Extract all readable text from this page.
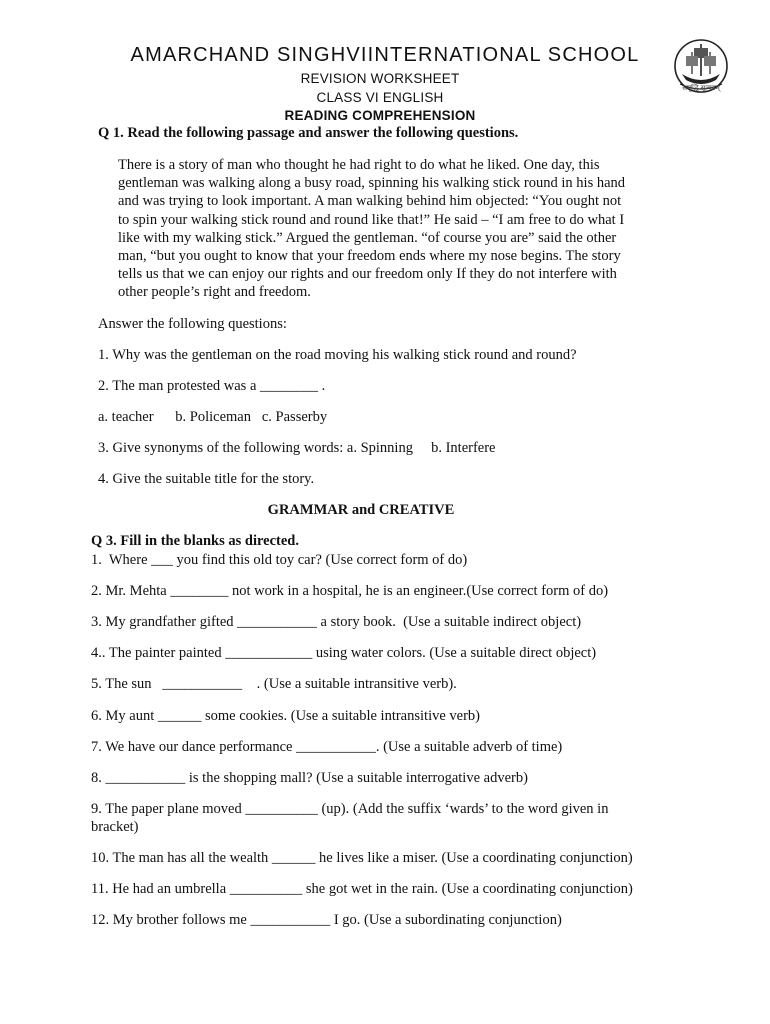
AMARCHAND SINGHVIINTERNATIONAL SCHOOL
REVISION WORKSHEET
CLASS VI ENGLISH
READING COMPREHENSION
समृद्धि सूत्र्यवम्
Q 1. Read the following passage and answer the following questions.
There is a story of man who thought he had right to do what he liked. One day, this
gentleman was walking along a busy road, spinning his walking stick round in his hand
and was trying to look important. A man walking behind him objected: “You ought not
to spin your walking stick round and round like that!” He said – “I am free to do what I
like with my walking stick.” Argued the gentleman. “of course you are” said the other
man, “but you ought to know that your freedom ends where my nose begins. The story
tells us that we can enjoy our rights and our freedom only If they do not interfere with
other people’s right and freedom.
Answer the following questions:
1. Why was the gentleman on the road moving his walking stick round and round?
2. The man protested was a ________ .
a. teacher      b. Policeman   c. Passerby
3. Give synonyms of the following words: a. Spinning     b. Interfere
4. Give the suitable title for the story.
GRAMMAR and CREATIVE
Q 3. Fill in the blanks as directed.
1.  Where ___ you find this old toy car? (Use correct form of do)
2. Mr. Mehta ________ not work in a hospital, he is an engineer.(Use correct form of do)
3. My grandfather gifted ___________ a story book.  (Use a suitable indirect object)
4.. The painter painted ____________ using water colors. (Use a suitable direct object)
5. The sun   ___________    . (Use a suitable intransitive verb).
6. My aunt ______ some cookies. (Use a suitable intransitive verb)
7. We have our dance performance ___________. (Use a suitable adverb of time)
8. ___________ is the shopping mall? (Use a suitable interrogative adverb)
9. The paper plane moved __________ (up). (Add the suffix ‘wards’ to the word given in
bracket)
10. The man has all the wealth ______ he lives like a miser. (Use a coordinating conjunction)
11. He had an umbrella __________ she got wet in the rain. (Use a coordinating conjunction)
12. My brother follows me ___________ I go. (Use a subordinating conjunction)
